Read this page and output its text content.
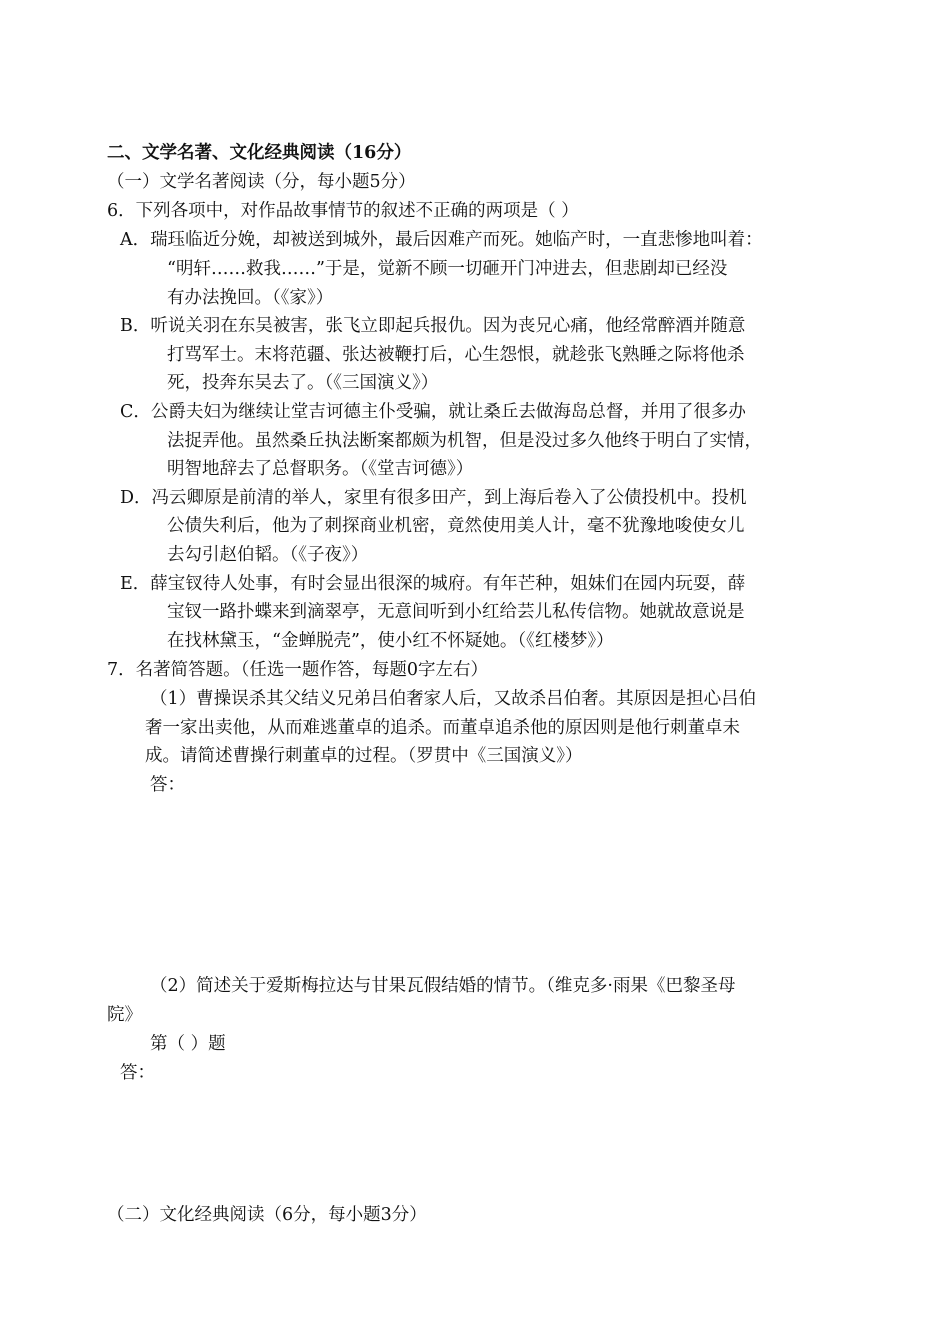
二、文学名著、文化经典阅读（16分）
（一）文学名著阅读（分，每小题5分）
6．下列各项中，对作品故事情节的叙述不正确的两项是（ ）
A．瑞珏临近分娩，却被送到城外，最后因难产而死。她临产时，一直悲惨地叫着：
“明轩……救我……”于是，觉新不顾一切砸开门冲进去，但悲剧却已经没
有办法挽回。（《家》）
B．听说关羽在东吴被害，张飞立即起兵报仇。因为丧兄心痛，他经常醉酒并随意
打骂军士。末将范疆、张达被鞭打后，心生怨恨，就趁张飞熟睡之际将他杀
死，投奔东吴去了。（《三国演义》）
C．公爵夫妇为继续让堂吉诃德主仆受骗，就让桑丘去做海岛总督，并用了很多办
法捉弄他。虽然桑丘执法断案都颇为机智，但是没过多久他终于明白了实情，
明智地辞去了总督职务。（《堂吉诃德》）
D．冯云卿原是前清的举人，家里有很多田产，到上海后卷入了公债投机中。投机
公债失利后，他为了刺探商业机密，竟然使用美人计，毫不犹豫地唆使女儿
去勾引赵伯韬。（《子夜》）
E．薛宝钗待人处事，有时会显出很深的城府。有年芒种，姐妹们在园内玩耍，薛
宝钗一路扑蝶来到滴翠亭，无意间听到小红给芸儿私传信物。她就故意说是
在找林黛玉，“金蝉脱壳”，使小红不怀疑她。（《红楼梦》）
7．名著简答题。（任选一题作答，每题0字左右）
（1）曹操误杀其父结义兄弟吕伯奢家人后，又故杀吕伯奢。其原因是担心吕伯
奢一家出卖他，从而难逃董卓的追杀。而董卓追杀他的原因则是他行刺董卓未
成。请简述曹操行刺董卓的过程。（罗贯中《三国演义》）
答：
（2）简述关于爱斯梅拉达与甘果瓦假结婚的情节。（维克多·雨果《巴黎圣母
院》
第（ ）题
答：
（二）文化经典阅读（6分，每小题3分）
